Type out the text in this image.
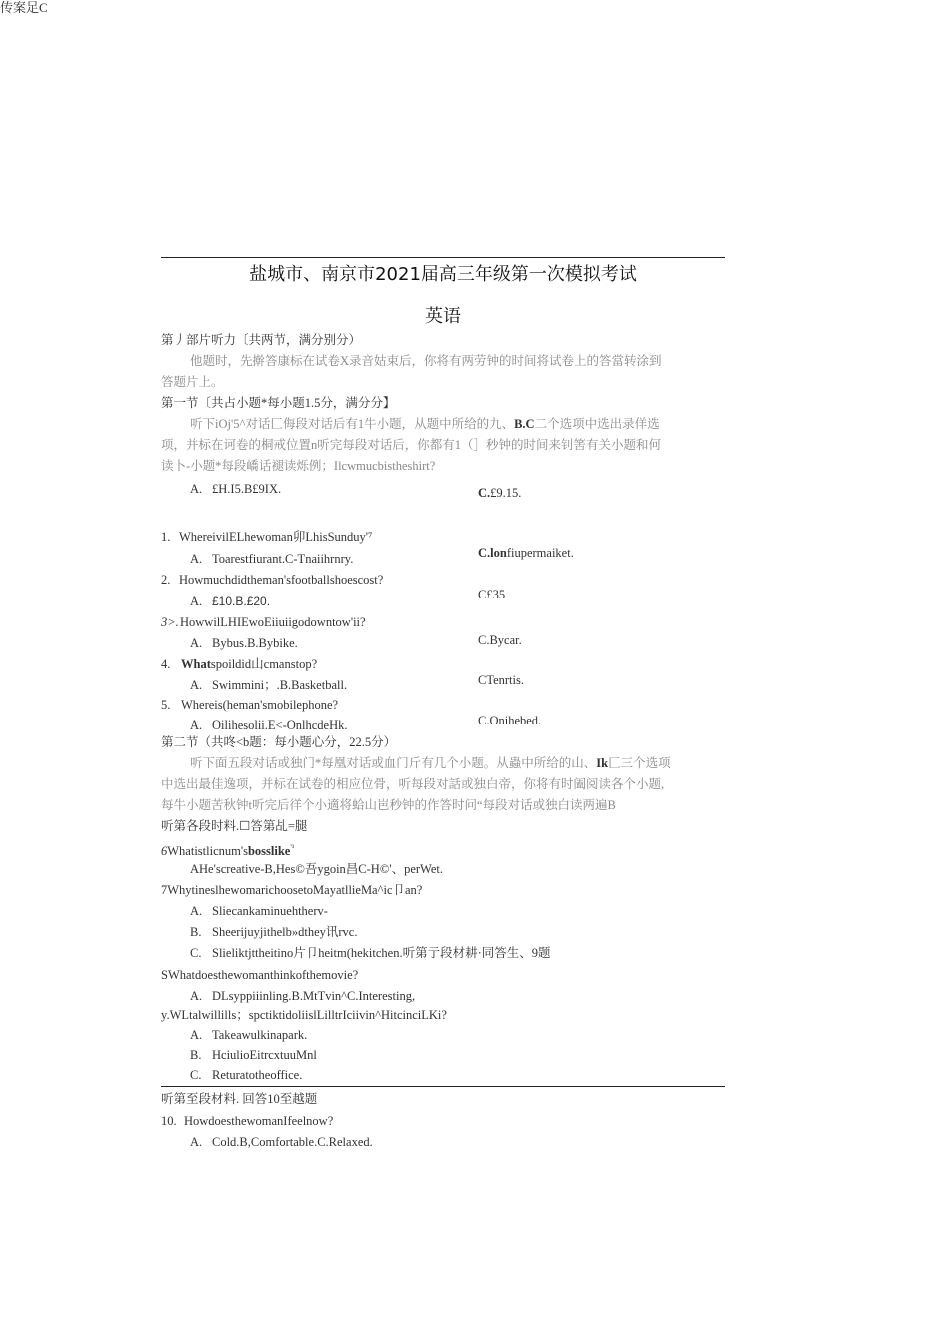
盐城市、南京市2021届高三年级第一次模拟考试
英语
第丿部片听力〔共两节，满分别分）
他题时，先擀答康标在试卷X录音姑束后，你将有两劳钟的时间将试卷上的答當转涂到
答题片上。
第一节〔共占小题*每小题1.5分，满分分】
听下iOj'5^对话匚侮段对话后有1牛小题，从题中所给的九、B.C二个选项中选出录佯选
项，并标在诃卷的桐戒位置n听完每段对话后，你都有1（］秒钟的时间来钊筈有关小题和何
读卜-小题*每段嶠话褪读烁例；Ilcwmucbistheshirt?
A. £H.I5.B£9IX.	C.£9.15.
传案足C
1. WhereivilELhewoman卯LhisSunduy'⁷
A. Toarestfiurant.C-Tnaiihrnry.	C.lonfiupermaiket.
2. Howmuchdidtheman'sfootballshoescost?
A. £10.B.£20.	C£35
3>. HowwilLHIEwoEiiuiigodowntow'ii?
A. Bybus.B.Bybike.	C.Bycar.
4. Whatspoildid山cmanstop?
A. Swimmini；.B.Basketball.	CTenrtis.
5. Whereis(heman'smobilephone?
A. Oilihesolii.E<-OnlhcdeHk.	C.Onihebed.
第二节（共咚<b题：每小题心分，22.5分）
听下面五段对话或独门*每凰对话或血门斤有几个小题。从蟲中所给的山、Ik匚三个选项
中选出最佳逸项，并标在试卷的相应位骨，听每段对話或独白帝，你将有时阖阅读各个小题,
每牛小题苦秋钟t听完后徉个小適将蛤山岜秒钟的作答时问“每段对话或独白读两遍B
听第各段时料.☐答第乩=腿
6Whatistlicnum'sbosslike$^{'^3}$
AHe'screative-B,Hes©吾ygoin昌C-H©'、perWet.
7WhytineslhewomarichoosetoMayatllieMa^ic卩an?
A. Sliecankaminuehtherv-
B. Sheerijuyjithelb»dthey讯rvc.
C. Slieliktjttheitino片卩heitm(hekitchen.听第亍段材耕·同答生、9题
SWhatdoesthewomanthinkofthemovie?
A. DLsyppiiinling.B.MtTvin^C.Interesting,
y.WLtalwillills；spctiktidoliislLilltrIciivin^HitcinciLKi?
A. Takeawulkinapark.
B. HciulioEitrcxtuuMnl
C. Returatotheoffice.
听第至段材料. 回答10至越题
10. HowdoesthewomanIfeelnow?
A. Cold.B,Comfortable.C.Relaxed.
